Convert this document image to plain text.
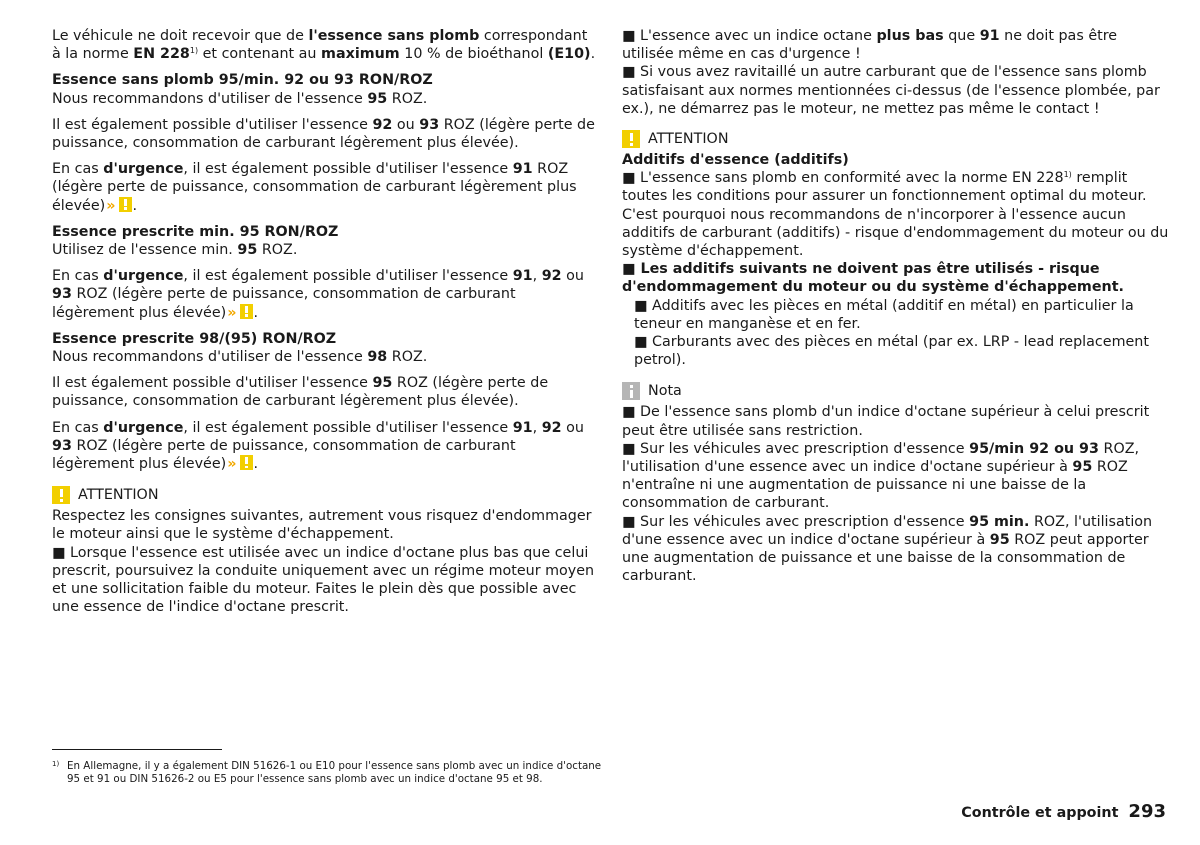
Le véhicule ne doit recevoir que de l'essence sans plomb correspondant à la norme EN 228$^{1)}$ et contenant au maximum 10 % de bioéthanol (E10).

Essence sans plomb 95/min. 92 ou 93 RON/ROZ
Nous recommandons d'utiliser de l'essence 95 ROZ.

Il est également possible d'utiliser l'essence 92 ou 93 ROZ (légère perte de puissance, consommation de carburant légèrement plus élevée).

En cas d'urgence, il est également possible d'utiliser l'essence 91 ROZ (légère perte de puissance, consommation de carburant légèrement plus élevée)» .

Essence prescrite min. 95 RON/ROZ
Utilisez de l'essence min. 95 ROZ.

En cas d'urgence, il est également possible d'utiliser l'essence 91, 92 ou 93 ROZ (légère perte de puissance, consommation de carburant légèrement plus élevée)» .

Essence prescrite 98/(95) RON/ROZ
Nous recommandons d'utiliser de l'essence 98 ROZ.

Il est également possible d'utiliser l'essence 95 ROZ (légère perte de puissance, consommation de carburant légèrement plus élevée).

En cas d'urgence, il est également possible d'utiliser l'essence 91, 92 ou 93 ROZ (légère perte de puissance, consommation de carburant légèrement plus élevée)» .

ATTENTION
Respectez les consignes suivantes, autrement vous risquez d'endommager le moteur ainsi que le système d'échappement.
■ Lorsque l'essence est utilisée avec un indice d'octane plus bas que celui prescrit, poursuivez la conduite uniquement avec un régime moteur moyen et une sollicitation faible du moteur. Faites le plein dès que possible avec une essence de l'indice d'octane prescrit.
■ L'essence avec un indice octane plus bas que 91 ne doit pas être utilisée même en cas d'urgence !
■ Si vous avez ravitaillé un autre carburant que de l'essence sans plomb satisfaisant aux normes mentionnées ci-dessus (de l'essence plombée, par ex.), ne démarrez pas le moteur, ne mettez pas même le contact !
ATTENTION
Additifs d'essence (additifs)
■ L'essence sans plomb en conformité avec la norme EN 228$^{1)}$ remplit toutes les conditions pour assurer un fonctionnement optimal du moteur. C'est pourquoi nous recommandons de n'incorporer à l'essence aucun additifs de carburant (additifs) - risque d'endommagement du moteur ou du système d'échappement.
■ Les additifs suivants ne doivent pas être utilisés - risque d'endommagement du moteur ou du système d'échappement.
■ Additifs avec les pièces en métal (additif en métal) en particulier la teneur en manganèse et en fer.
■ Carburants avec des pièces en métal (par ex. LRP - lead replacement petrol).
Nota
■ De l'essence sans plomb d'un indice d'octane supérieur à celui prescrit peut être utilisée sans restriction.
■ Sur les véhicules avec prescription d'essence 95/min 92 ou 93 ROZ, l'utilisation d'une essence avec un indice d'octane supérieur à 95 ROZ n'entraîne ni une augmentation de puissance ni une baisse de la consommation de carburant.
■ Sur les véhicules avec prescription d'essence 95 min. ROZ, l'utilisation d'une essence avec un indice d'octane supérieur à 95 ROZ peut apporter une augmentation de puissance et une baisse de la consommation de carburant.
1) En Allemagne, il y a également DIN 51626-1 ou E10 pour l'essence sans plomb avec un indice d'octane 95 et 91 ou DIN 51626-2 ou E5 pour l'essence sans plomb avec un indice d'octane 95 et 98.
Contrôle et appoint 293
